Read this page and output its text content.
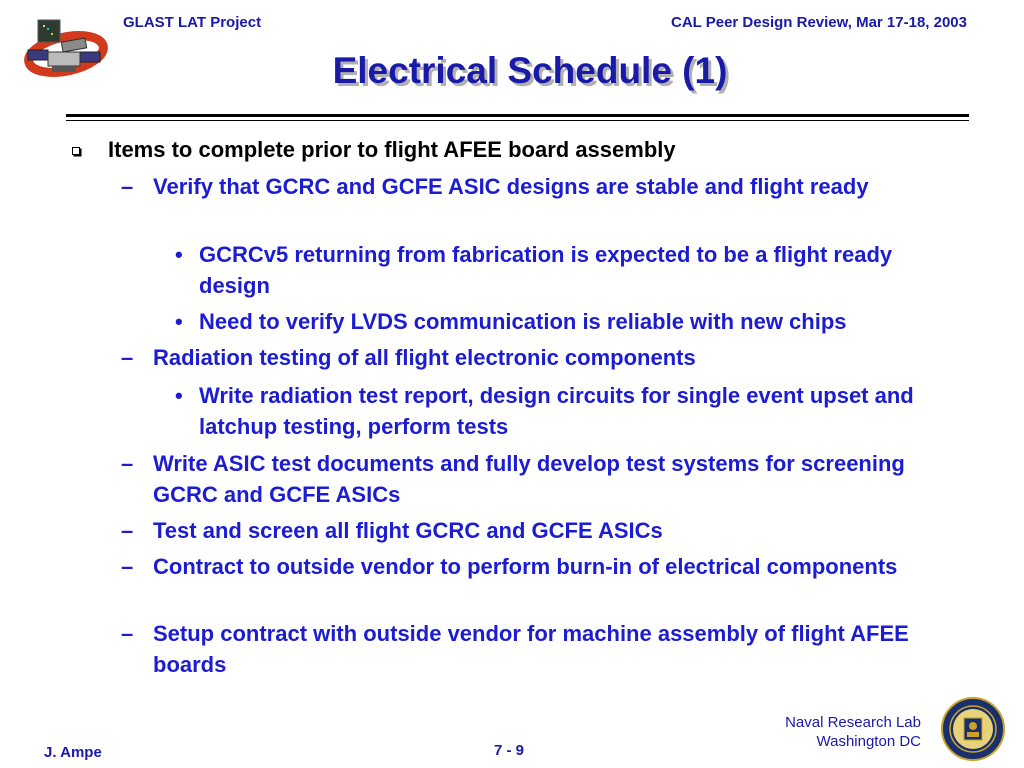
GLAST LAT Project	CAL Peer Design Review, Mar 17-18, 2003
Electrical Schedule (1)
Items to complete prior to flight AFEE board assembly
– Verify that GCRC and GCFE ASIC designs are stable and flight ready
• GCRCv5 returning from fabrication is expected to be a flight ready design
• Need to verify LVDS communication is reliable with new chips
– Radiation testing of all flight electronic components
• Write radiation test report, design circuits for single event upset and latchup testing, perform tests
– Write ASIC test documents and fully develop test systems for screening GCRC and GCFE ASICs
– Test and screen all flight GCRC and GCFE ASICs
– Contract to outside vendor to perform burn-in of electrical components
– Setup contract with outside vendor for machine assembly of flight AFEE boards
J. Ampe	7 - 9
Naval Research Lab
Washington DC
